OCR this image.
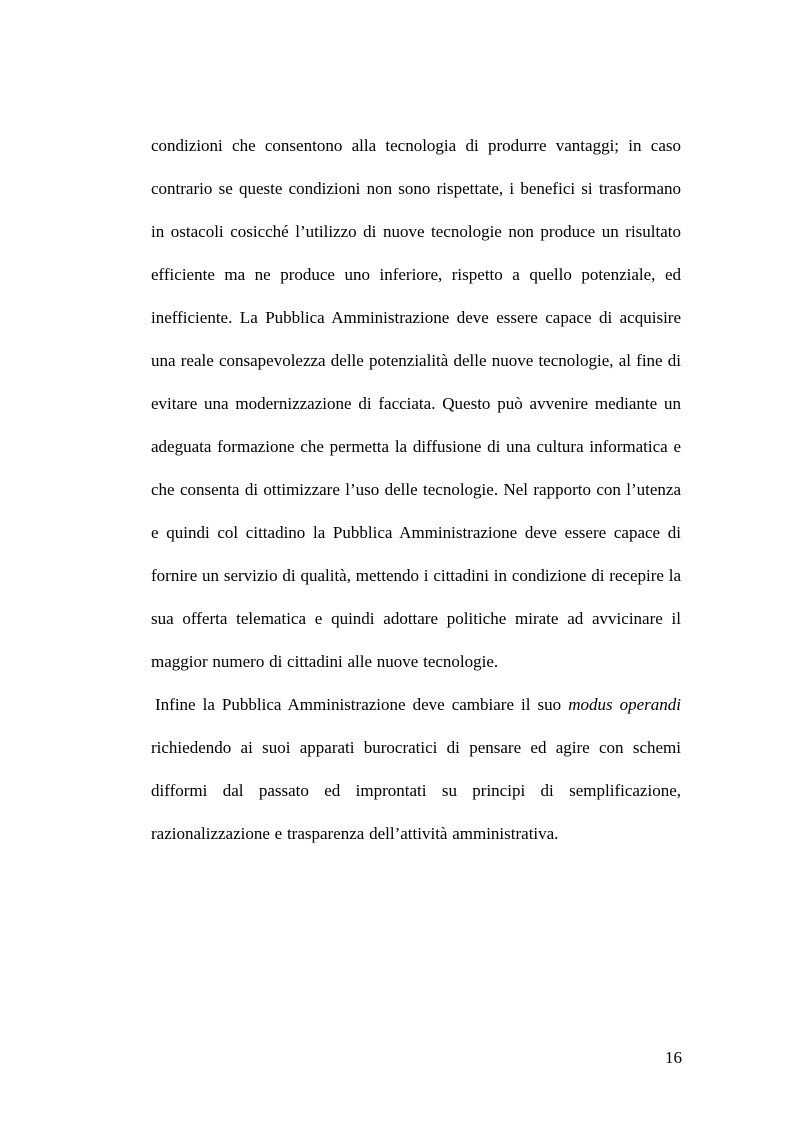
condizioni che consentono alla tecnologia di produrre vantaggi; in caso contrario se queste condizioni non sono rispettate, i benefici si trasformano in ostacoli cosicché l’utilizzo di nuove tecnologie non produce un risultato efficiente ma ne produce uno inferiore, rispetto a quello potenziale, ed inefficiente. La Pubblica Amministrazione deve essere capace di acquisire una reale consapevolezza delle potenzialità delle nuove tecnologie, al fine di evitare una modernizzazione di facciata. Questo può avvenire mediante un adeguata formazione che permetta la diffusione di una cultura informatica e che consenta di ottimizzare l’uso delle tecnologie. Nel rapporto con l’utenza e quindi col cittadino la Pubblica Amministrazione deve essere capace di fornire un servizio di qualità, mettendo i cittadini in condizione di recepire la sua offerta telematica e quindi adottare politiche mirate ad avvicinare il maggior numero di cittadini alle nuove tecnologie.

Infine la Pubblica Amministrazione deve cambiare il suo modus operandi richiedendo ai suoi apparati burocratici di pensare ed agire con schemi difformi dal passato ed improntati su principi di semplificazione, razionalizzazione e trasparenza dell’attività amministrativa.

16
